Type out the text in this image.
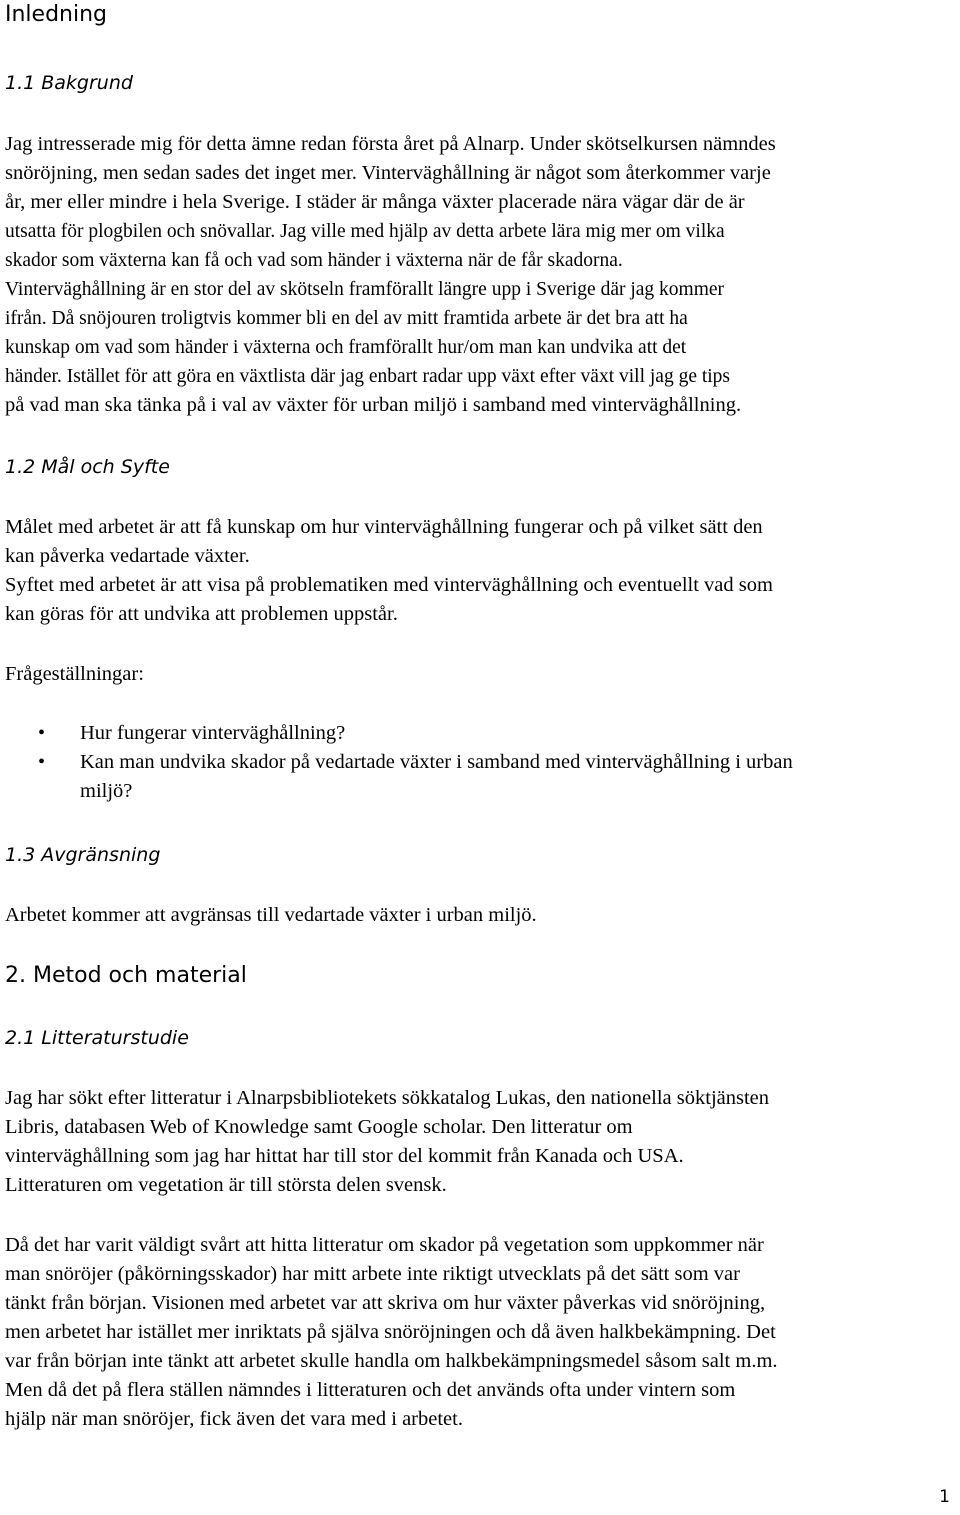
Inledning
1.1 Bakgrund
Jag intresserade mig för detta ämne redan första året på Alnarp. Under skötselkursen nämndes
snöröjning, men sedan sades det inget mer. Vinterväghållning är något som återkommer varje
år, mer eller mindre i hela Sverige. I städer är många växter placerade nära vägar där de är
utsatta för plogbilen och snövallar. Jag ville med hjälp av detta arbete lära mig mer om vilka
skador som växterna kan få och vad som händer i växterna när de får skadorna.
Vinterväghållning är en stor del av skötseln framförallt längre upp i Sverige där jag kommer
ifrån. Då snöjouren troligtvis kommer bli en del av mitt framtida arbete är det bra att ha
kunskap om vad som händer i växterna och framförallt hur/om man kan undvika att det
händer. Istället för att göra en växtlista där jag enbart radar upp växt efter växt vill jag ge tips
på vad man ska tänka på i val av växter för urban miljö i samband med vinterväghållning.
1.2 Mål och Syfte
Målet med arbetet är att få kunskap om hur vinterväghållning fungerar och på vilket sätt den
kan påverka vedartade växter.
Syftet med arbetet är att visa på problematiken med vinterväghållning och eventuellt vad som
kan göras för att undvika att problemen uppstår.
Frågeställningar:
• Hur fungerar vinterväghållning?
• Kan man undvika skador på vedartade växter i samband med vinterväghållning i urban
miljö?
1.3 Avgränsning
Arbetet kommer att avgränsas till vedartade växter i urban miljö.
2. Metod och material
2.1 Litteraturstudie
Jag har sökt efter litteratur i Alnarpsbibliotekets sökkatalog Lukas, den nationella söktjänsten
Libris, databasen Web of Knowledge samt Google scholar. Den litteratur om
vinterväghållning som jag har hittat har till stor del kommit från Kanada och USA.
Litteraturen om vegetation är till största delen svensk.
Då det har varit väldigt svårt att hitta litteratur om skador på vegetation som uppkommer när
man snöröjer (påkörningsskador) har mitt arbete inte riktigt utvecklats på det sätt som var
tänkt från början. Visionen med arbetet var att skriva om hur växter påverkas vid snöröjning,
men arbetet har istället mer inriktats på själva snöröjningen och då även halkbekämpning. Det
var från början inte tänkt att arbetet skulle handla om halkbekämpningsmedel såsom salt m.m.
Men då det på flera ställen nämndes i litteraturen och det används ofta under vintern som
hjälp när man snöröjer, fick även det vara med i arbetet.
1
